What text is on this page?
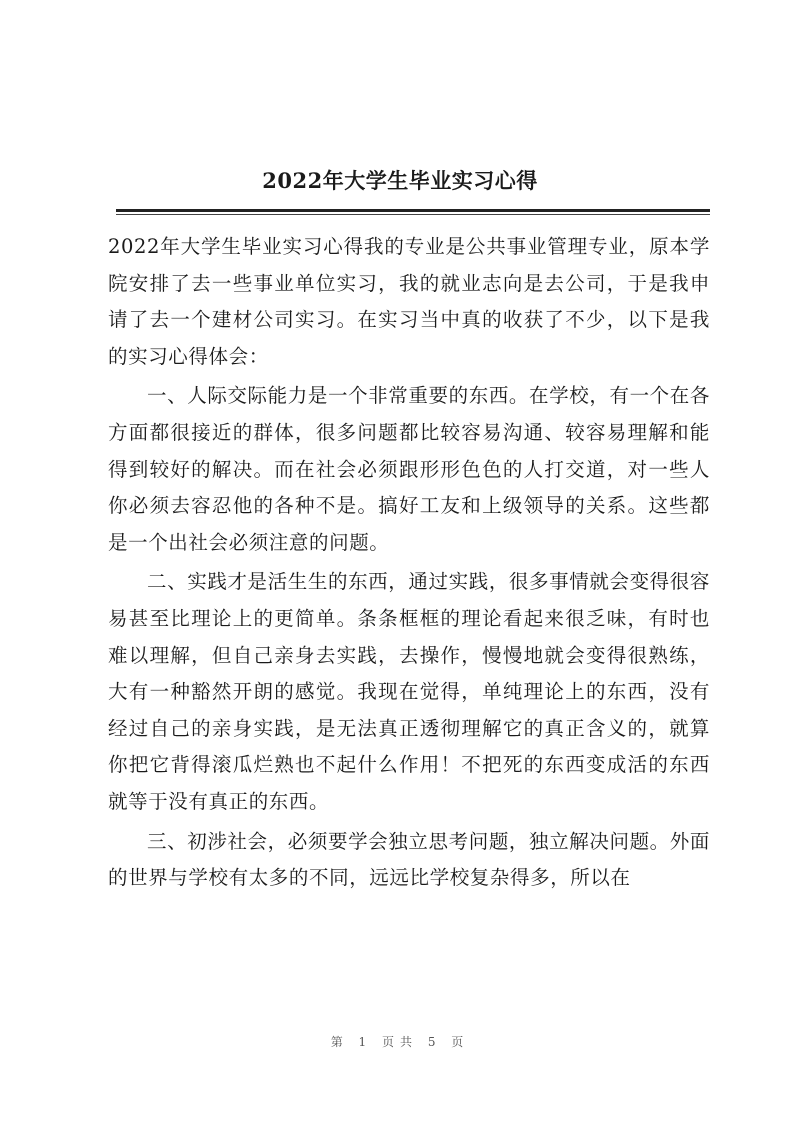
2022年大学生毕业实习心得

2022年大学生毕业实习心得我的专业是公共事业管理专业，原本学院安排了去一些事业单位实习，我的就业志向是去公司，于是我申请了去一个建材公司实习。在实习当中真的收获了不少，以下是我的实习心得体会：

一、人际交际能力是一个非常重要的东西。在学校，有一个在各方面都很接近的群体，很多问题都比较容易沟通、较容易理解和能得到较好的解决。而在社会必须跟形形色色的人打交道，对一些人你必须去容忍他的各种不是。搞好工友和上级领导的关系。这些都是一个出社会必须注意的问题。

二、实践才是活生生的东西，通过实践，很多事情就会变得很容易甚至比理论上的更简单。条条框框的理论看起来很乏味，有时也难以理解，但自己亲身去实践，去操作，慢慢地就会变得很熟练，大有一种豁然开朗的感觉。我现在觉得，单纯理论上的东西，没有经过自己的亲身实践，是无法真正透彻理解它的真正含义的，就算你把它背得滚瓜烂熟也不起什么作用！不把死的东西变成活的东西就等于没有真正的东西。

三、初涉社会，必须要学会独立思考问题，独立解决问题。外面的世界与学校有太多的不同，远远比学校复杂得多，所以在

第 1 页共 5 页
